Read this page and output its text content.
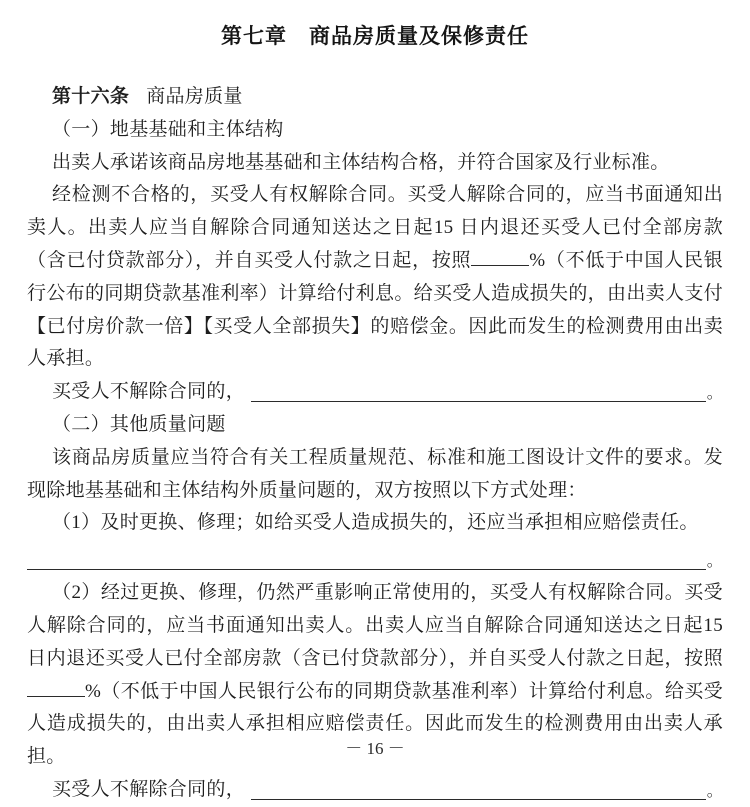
第七章　商品房质量及保修责任

第十六条 商品房质量

（一）地基基础和主体结构

出卖人承诺该商品房地基基础和主体结构合格，并符合国家及行业标准。

经检测不合格的，买受人有权解除合同。买受人解除合同的，应当书面通知出卖人。出卖人应当自解除合同通知送达之日起15 日内退还买受人已付全部房款（含已付贷款部分），并自买受人付款之日起，按照	%（不低于中国人民银行公布的同期贷款基准利率）计算给付利息。给买受人造成损失的，由出卖人支付【已付房价款一倍】【买受人全部损失】的赔偿金。因此而发生的检测费用由出卖人承担。

买受人不解除合同的，	。

（二）其他质量问题

该商品房质量应当符合有关工程质量规范、标准和施工图设计文件的要求。发现除地基基础和主体结构外质量问题的，双方按照以下方式处理：

（1）及时更换、修理；如给买受人造成损失的，还应当承担相应赔偿责任。

。

（2）经过更换、修理，仍然严重影响正常使用的，买受人有权解除合同。买受人解除合同的，应当书面通知出卖人。出卖人应当自解除合同通知送达之日起15 日内退还买受人已付全部房款（含已付贷款部分），并自买受人付款之日起，按照%（不低于中国人民银行公布的同期贷款基准利率）计算给付利息。给买受人造成损失的，由出卖人承担相应赔偿责任。因此而发生的检测费用由出卖人承担。

买受人不解除合同的，	。
－ 16 －
